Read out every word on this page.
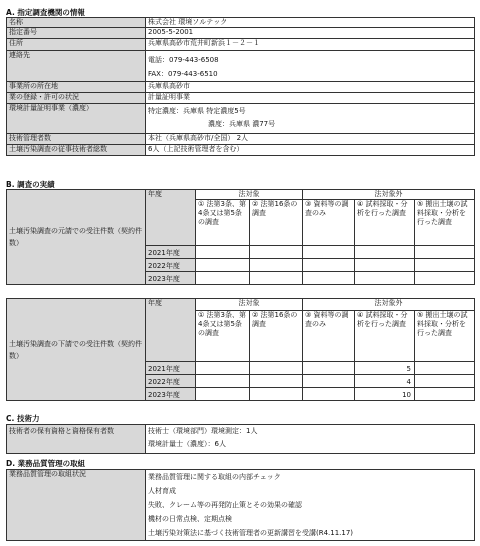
A. 指定調査機関の情報
名称	株式会社 環境ソルテック
指定番号	2005-5-2001
住所	兵庫県高砂市荒井町新浜１－２－１
連絡先	電話：079-443-6508
FAX：079-443-6510

事業所の所在地	兵庫県高砂市
業の登録・許可の状況	計量証明事業
環境計量証明事業（濃度）	特定濃度：兵庫県 特定濃度5号
濃度：兵庫県 濃77号

技術管理者数	本社（兵庫県高砂市/全国） 2人
土壌汚染調査の従事技術者総数	6人（上記技術管理者を含む）
B. 調査の実績
土壌汚染調査の元請での受注件数（契約件数）	年度	法対象		法対象外		
		① 法第3条、第4条又は第5条の調査	② 法第16条の調査	③ 資料等の調査のみ	④ 試料採取・分析を行った調査	⑤ 搬出土壌の試料採取・分析を行った調査
	2021年度					
	2022年度					
	2023年度					
土壌汚染調査の下請での受注件数（契約件数）	年度	法対象		法対象外		
		① 法第3条、第4条又は第5条の調査	② 法第16条の調査	③ 資料等の調査のみ	④ 試料採取・分析を行った調査	⑤ 搬出土壌の試料採取・分析を行った調査
	2021年度				5	
	2022年度				4	
	2023年度				10	
C. 技術力
技術者の保有資格と資格保有者数	技術士（環境部門）環境測定：1人
環境計量士（濃度）：6人
D. 業務品質管理の取組
業務品質管理の取組状況	業務品質管理に関する取組の内部チェック
人材育成
失敗、クレーム等の再発防止策とその効果の確認
機材の日常点検、定期点検
土壌汚染対策法に基づく技術管理者の更新講習を受講(R4.11.17)
